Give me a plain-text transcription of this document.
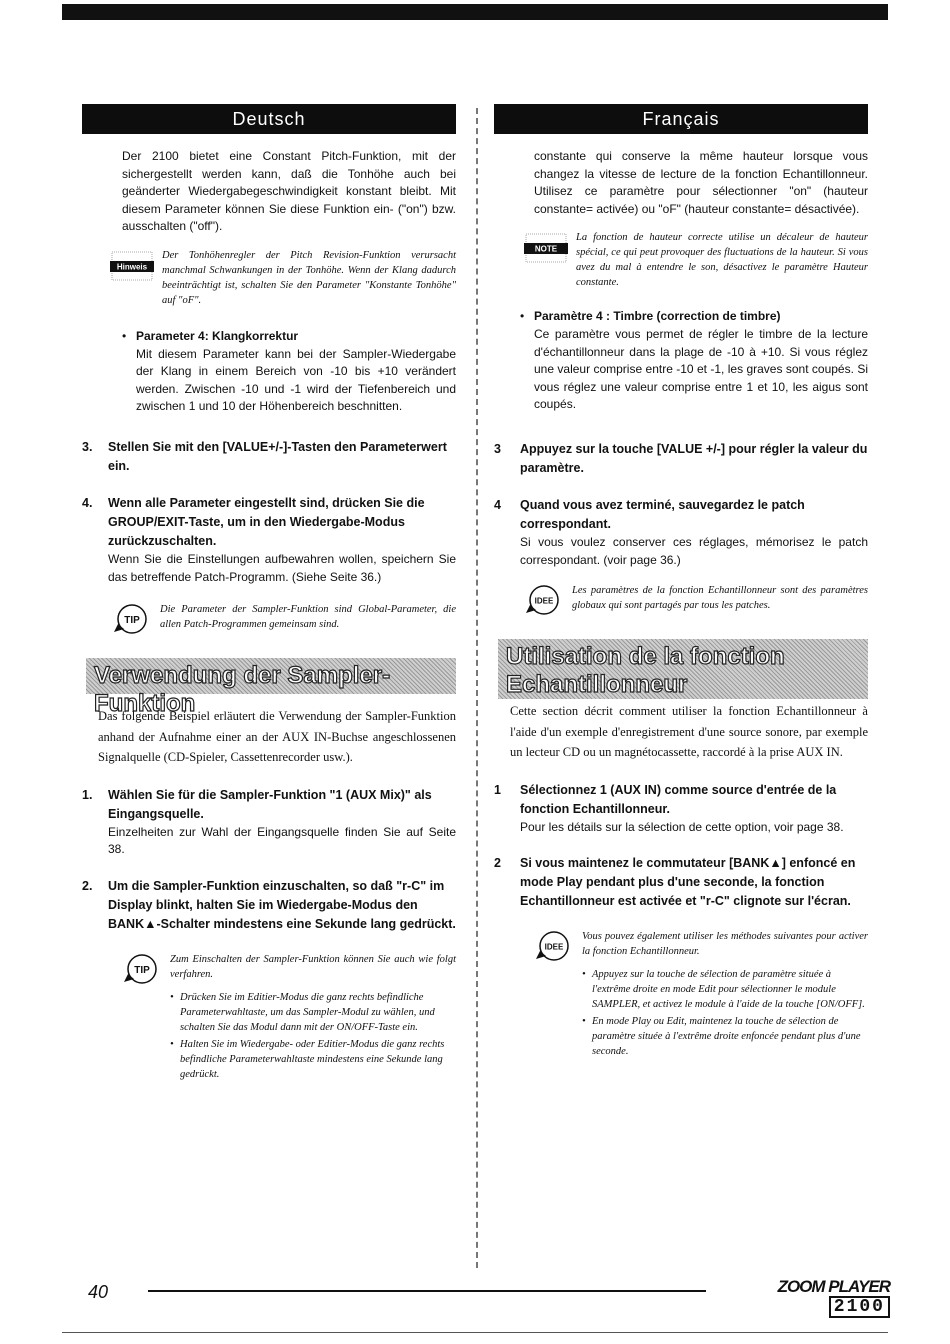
Deutsch

Der 2100 bietet eine Constant Pitch-Funktion, mit der sichergestellt werden kann, daß die Tonhöhe auch bei geänderter Wiedergabegeschwindigkeit konstant bleibt. Mit diesem Parameter können Sie diese Funktion ein- ("on") bzw. ausschalten ("off").

Hinweis
Der Tonhöhenregler der Pitch Revision-Funktion verursacht manchmal Schwankungen in der Tonhöhe. Wenn der Klang dadurch beeinträchtigt ist, schalten Sie den Parameter "Konstante Tonhöhe" auf "oF".
• Parameter 4: Klangkorrektur

Mit diesem Parameter kann bei der Sampler-Wiedergabe der Klang in einem Bereich von -10 bis +10 verändert werden. Zwischen -10 und -1 wird der Tiefenbereich und zwischen 1 und 10 der Höhenbereich beschnitten.

3.	Stellen Sie mit den [VALUE+/-]-Tasten den Parameterwert ein.
4.	Wenn alle Parameter eingestellt sind, drücken Sie die GROUP/EXIT-Taste, um in den Wiedergabe-Modus zurückzuschalten.

Wenn Sie die Einstellungen aufbewahren wollen, speichern Sie das betreffende Patch-Programm. (Siehe Seite 36.)

TIP
Die Parameter der Sampler-Funktion sind Global-Parameter, die allen Patch-Programmen gemeinsam sind.
Verwendung der Sampler-Funktion

Das folgende Beispiel erläutert die Verwendung der Sampler-Funktion anhand der Aufnahme einer an der AUX IN-Buchse angeschlossenen Signalquelle (CD-Spieler, Cassettenrecorder usw.).

1.	Wählen Sie für die Sampler-Funktion "1 (AUX Mix)" als Eingangsquelle.

Einzelheiten zur Wahl der Eingangsquelle finden Sie auf Seite 38.

2.	Um die Sampler-Funktion einzuschalten, so daß "r-C" im Display blinkt, halten Sie im Wiedergabe-Modus den BANK▲-Schalter mindestens eine Sekunde lang gedrückt.
TIP
Zum Einschalten der Sampler-Funktion können Sie auch wie folgt verfahren.
• Drücken Sie im Editier-Modus die ganz rechts befindliche Parameterwahltaste, um das Sampler-Modul zu wählen, und schalten Sie das Modul dann mit der ON/OFF-Taste ein.
• Halten Sie im Wiedergabe- oder Editier-Modus die ganz rechts befindliche Parameterwahltaste mindestens eine Sekunde lang gedrückt.
Français

constante qui conserve la même hauteur lorsque vous changez la vitesse de lecture de la fonction Echantillonneur. Utilisez ce paramètre pour sélectionner "on" (hauteur constante= activée) ou "oF" (hauteur constante= désactivée).

NOTE
La fonction de hauteur correcte utilise un décaleur de hauteur spécial, ce qui peut provoquer des fluctuations de la hauteur. Si vous avez du mal à entendre le son, désactivez le paramètre Hauteur constante.
• Paramètre 4 : Timbre (correction de timbre)

Ce paramètre vous permet de régler le timbre de la lecture d'échantillonneur dans la plage de -10 à +10. Si vous réglez une valeur comprise entre -10 et -1, les graves sont coupés. Si vous réglez une valeur comprise entre 1 et 10, les aigus sont coupés.

3	Appuyez sur la touche [VALUE +/-] pour régler la valeur du paramètre.
4	Quand vous avez terminé, sauvegardez le patch correspondant.

Si vous voulez conserver ces réglages, mémorisez le patch correspondant. (voir page 36.)

IDEE
Les paramètres de la fonction Echantillonneur sont des paramètres globaux qui sont partagés par tous les patches.
Utilisation de la fonction Echantillonneur

Cette section décrit comment utiliser la fonction Echantillonneur à l'aide d'un exemple d'enregistrement d'une source sonore, par exemple un lecteur CD ou un magnétocassette, raccordé à la prise AUX IN.

1	Sélectionnez 1 (AUX IN) comme source d'entrée de la fonction Echantillonneur.

Pour les détails sur la sélection de cette option, voir page 38.

2	Si vous maintenez le commutateur [BANK▲] enfoncé en mode Play pendant plus d'une seconde, la fonction Echantillonneur est activée et "r-C" clignote sur l'écran.
IDEE
Vous pouvez également utiliser les méthodes suivantes pour activer la fonction Echantillonneur.
• Appuyez sur la touche de sélection de paramètre située à l'extrême droite en mode Edit pour sélectionner le module SAMPLER, et activez le module à l'aide de la touche [ON/OFF].
• En mode Play ou Edit, maintenez la touche de sélection de paramètre située à l'extrême droite enfoncée pendant plus d'une seconde.
40	ZOOM PLAYER
2100
